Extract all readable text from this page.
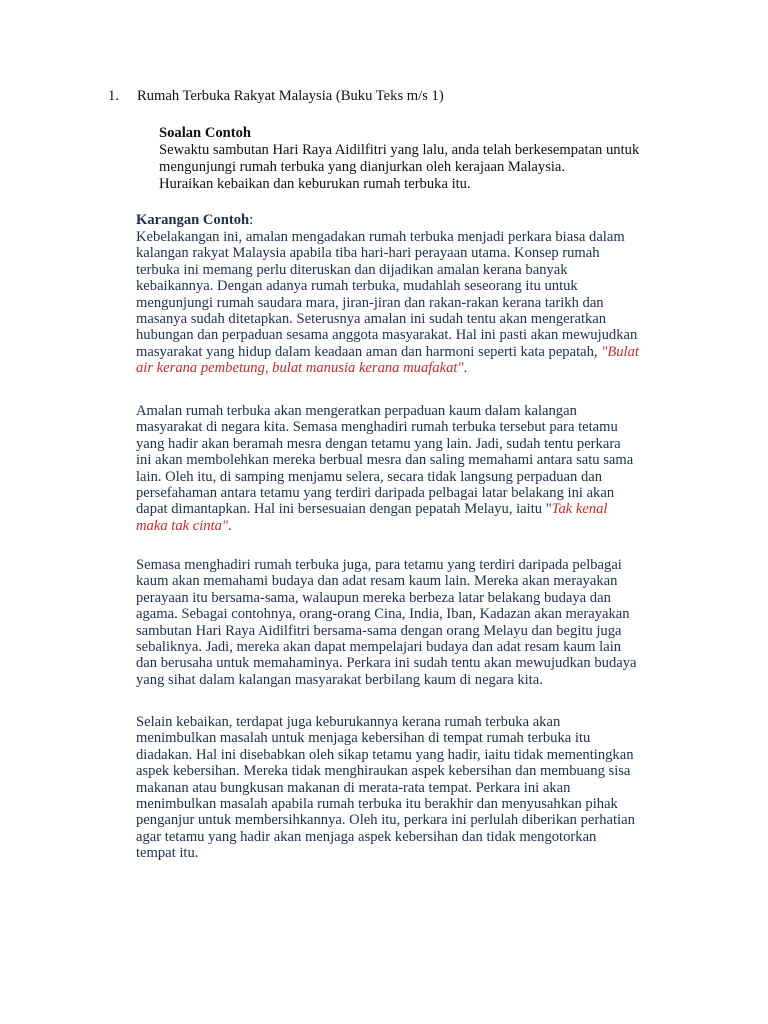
1. Rumah Terbuka Rakyat Malaysia (Buku Teks m/s 1)
Soalan Contoh
Sewaktu sambutan Hari Raya Aidilfitri yang lalu, anda telah berkesempatan untuk
mengunjungi rumah terbuka yang dianjurkan oleh kerajaan Malaysia.
Huraikan kebaikan dan keburukan rumah terbuka itu.
Karangan Contoh:
Kebelakangan ini, amalan mengadakan rumah terbuka menjadi perkara biasa dalam
kalangan rakyat Malaysia apabila tiba hari-hari perayaan utama. Konsep rumah
terbuka ini memang perlu diteruskan dan dijadikan amalan kerana banyak
kebaikannya. Dengan adanya rumah terbuka, mudahlah seseorang itu untuk
mengunjungi rumah saudara mara, jiran-jiran dan rakan-rakan kerana tarikh dan
masanya sudah ditetapkan. Seterusnya amalan ini sudah tentu akan mengeratkan
hubungan dan perpaduan sesama anggota masyarakat. Hal ini pasti akan mewujudkan
masyarakat yang hidup dalam keadaan aman dan harmoni seperti kata pepatah, "Bulat
air kerana pembetung, bulat manusia kerana muafakat".
Amalan rumah terbuka akan mengeratkan perpaduan kaum dalam kalangan
masyarakat di negara kita. Semasa menghadiri rumah terbuka tersebut para tetamu
yang hadir akan beramah mesra dengan tetamu yang lain. Jadi, sudah tentu perkara
ini akan membolehkan mereka berbual mesra dan saling memahami antara satu sama
lain. Oleh itu, di samping menjamu selera, secara tidak langsung perpaduan dan
persefahaman antara tetamu yang terdiri daripada pelbagai latar belakang ini akan
dapat dimantapkan. Hal ini bersesuaian dengan pepatah Melayu, iaitu "Tak kenal
maka tak cinta".
Semasa menghadiri rumah terbuka juga, para tetamu yang terdiri daripada pelbagai
kaum akan memahami budaya dan adat resam kaum lain. Mereka akan merayakan
perayaan itu bersama-sama, walaupun mereka berbeza latar belakang budaya dan
agama. Sebagai contohnya, orang-orang Cina, India, Iban, Kadazan akan merayakan
sambutan Hari Raya Aidilfitri bersama-sama dengan orang Melayu dan begitu juga
sebaliknya. Jadi, mereka akan dapat mempelajari budaya dan adat resam kaum lain
dan berusaha untuk memahaminya. Perkara ini sudah tentu akan mewujudkan budaya
yang sihat dalam kalangan masyarakat berbilang kaum di negara kita.
Selain kebaikan, terdapat juga keburukannya kerana rumah terbuka akan
menimbulkan masalah untuk menjaga kebersihan di tempat rumah terbuka itu
diadakan. Hal ini disebabkan oleh sikap tetamu yang hadir, iaitu tidak mementingkan
aspek kebersihan. Mereka tidak menghiraukan aspek kebersihan dan membuang sisa
makanan atau bungkusan makanan di merata-rata tempat. Perkara ini akan
menimbulkan masalah apabila rumah terbuka itu berakhir dan menyusahkan pihak
penganjur untuk membersihkannya. Oleh itu, perkara ini perlulah diberikan perhatian
agar tetamu yang hadir akan menjaga aspek kebersihan dan tidak mengotorkan
tempat itu.
